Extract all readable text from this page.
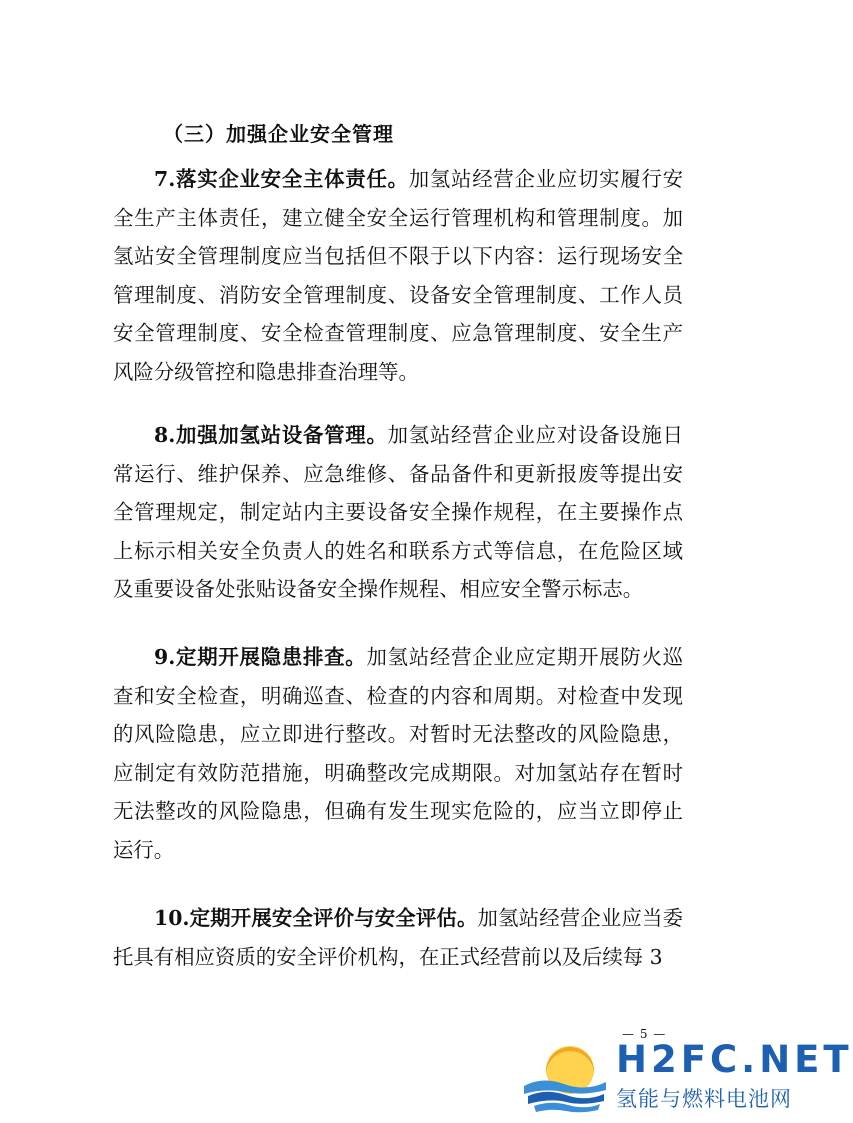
（三）加强企业安全管理

7.落实企业安全主体责任。加氢站经营企业应切实履行安全生产主体责任，建立健全安全运行管理机构和管理制度。加氢站安全管理制度应当包括但不限于以下内容：运行现场安全管理制度、消防安全管理制度、设备安全管理制度、工作人员安全管理制度、安全检查管理制度、应急管理制度、安全生产风险分级管控和隐患排查治理等。

8.加强加氢站设备管理。加氢站经营企业应对设备设施日常运行、维护保养、应急维修、备品备件和更新报废等提出安全管理规定，制定站内主要设备安全操作规程，在主要操作点上标示相关安全负责人的姓名和联系方式等信息，在危险区域及重要设备处张贴设备安全操作规程、相应安全警示标志。

9.定期开展隐患排查。加氢站经营企业应定期开展防火巡查和安全检查，明确巡查、检查的内容和周期。对检查中发现的风险隐患，应立即进行整改。对暂时无法整改的风险隐患，应制定有效防范措施，明确整改完成期限。对加氢站存在暂时无法整改的风险隐患，但确有发生现实危险的，应当立即停止运行。

10.定期开展安全评价与安全评估。加氢站经营企业应当委托具有相应资质的安全评价机构，在正式经营前以及后续每 3

— 5 —
H2FC.NET
氢能与燃料电池网
